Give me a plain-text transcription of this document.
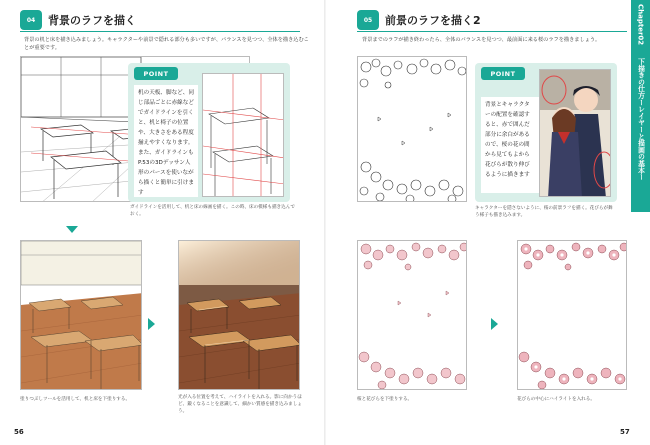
04	背景のラフを描く
背景の机と床を描き込みましょう。キャラクターや前景で隠れる部分も多いですが、バランスを見つつ、全体を描き込むことが重要です。
POINT
机の天板、脚など、同じ部品ごとに赤線などでガイドラインを引くと、机と椅子の位置や、大きさをある程度揃えやすくなります。また、ガイドラインもP.53の3Dデッサン人形のパースを使いながら描くと簡単に引けます
ガイドラインを活用して、机と床の線画を描く。この時、床の模様も描き込んでおく。
塗りつぶしツールを活用して、机と床を下塗りする。	光が入る位置を考えて、ハイライトを入れる。影に向かうほど、鍛くなることを意識して、細かい質感を描き込みましょう。
56
05	前景のラフを描く2
背景までのラフが描き終わったら、全体のバランスを見つつ、最前面に来る桜のラフを描きましょう。
POINT
背景とキャラクターの配置を確認すると、赤で囲んだ部分に余白があるので、桜の花の間から見てもよから花びらが散り伸びるように描きます
キャラクターを隠さないように、桜の前景ラフを描く。花びらが舞う様子も描き込みます。
桜と花びらを下塗りする。	花びらの中心にハイライトを入れる。
57
Chapter02
下描きの仕方ーレイヤーと描画の基本ー
